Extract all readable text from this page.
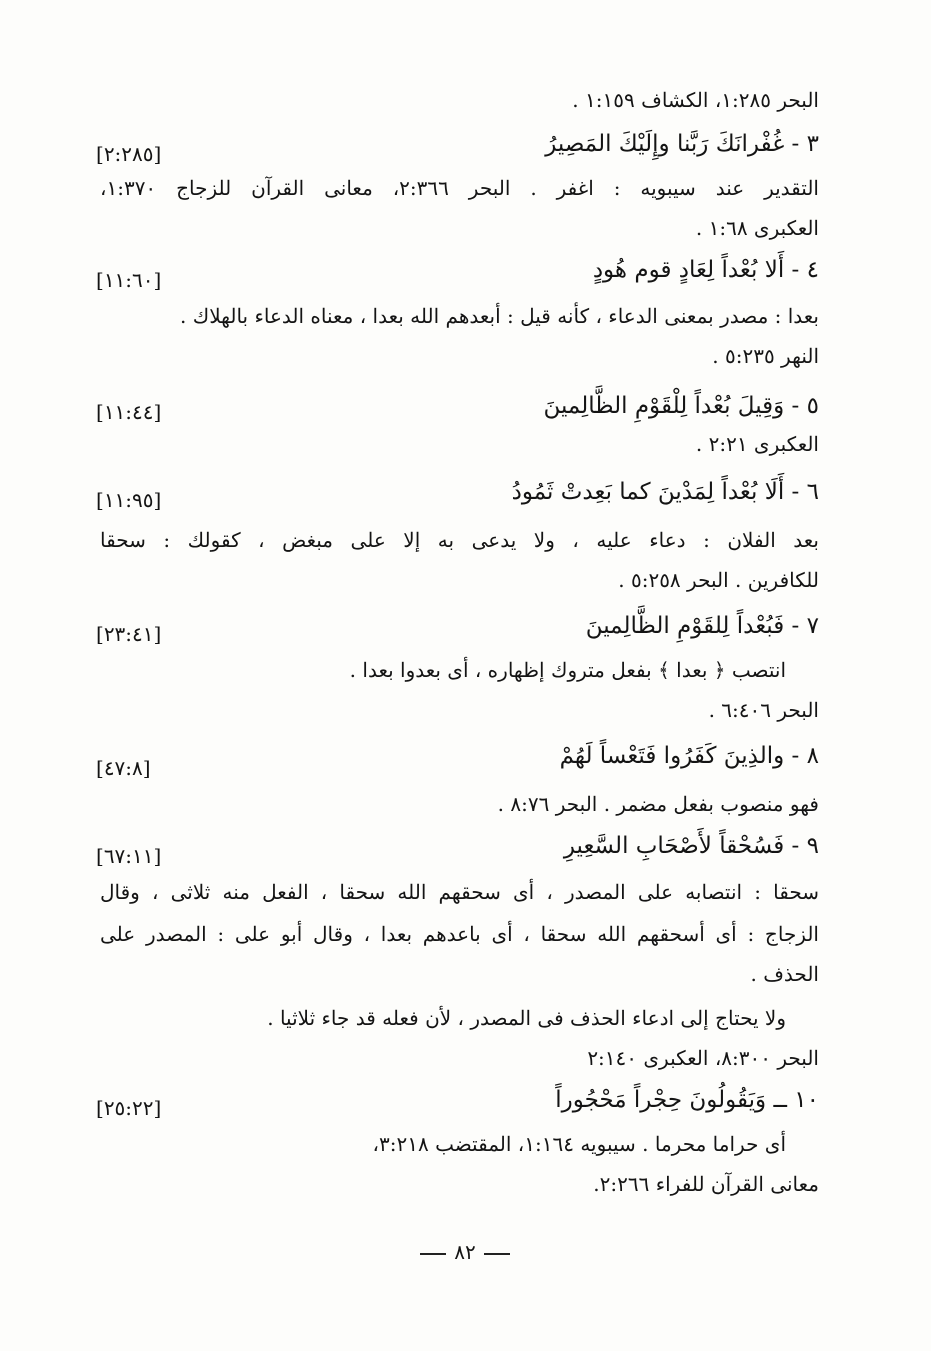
البحر ١:٢٨٥، الكشاف ١:١٥٩ .
٣ - غُفْرانَكَ رَبَّنا وإِلَيْكَ المَصِيرُ
[٢:٢٨٥]
التقدير عند سيبويه : اغفر . البحر ٢:٣٦٦، معانى القرآن للزجاج ١:٣٧٠،
العكبرى ١:٦٨ .
٤ - أَلا بُعْداً لِعَادٍ قوم هُودٍ
[١١:٦٠]
بعدا : مصدر بمعنى الدعاء ، كأنه قيل : أبعدهم الله بعدا ، معناه الدعاء بالهلاك .
النهر ٥:٢٣٥ .
٥ - وَقِيلَ بُعْداً لِلْقَوْمِ الظَّالِمينَ
[١١:٤٤]
العكبرى ٢:٢١ .
٦ - أَلَا بُعْداً لِمَدْينَ كما بَعِدتْ ثَمُودُ
[١١:٩٥]
بعد الفلان : دعاء عليه ، ولا يدعى به إلا على مبغض ، كقولك : سحقا
للكافرين . البحر ٥:٢٥٨ .
٧ - فَبُعْداً لِلقَوْمِ الظَّالِمينَ
[٢٣:٤١]
انتصب ﴿ بعدا ﴾ بفعل متروك إظهاره ، أى بعدوا بعدا .
البحر ٦:٤٠٦ .
٨ - والذِينَ كَفَرُوا فَتَعْساً لَهُمْ
[٤٧:٨]
فهو منصوب بفعل مضمر . البحر ٨:٧٦ .
٩ - فَسُحْقاً لأَصْحَابِ السَّعِيرِ
[٦٧:١١]
سحقا : انتصابه على المصدر ، أى سحقهم الله سحقا ، الفعل منه ثلاثى ، وقال
الزجاج : أى أسحقهم الله سحقا ، أى باعدهم بعدا ، وقال أبو على : المصدر على
الحذف .
ولا يحتاج إلى ادعاء الحذف فى المصدر ، لأن فعله قد جاء ثلاثيا .
البحر ٨:٣٠٠، العكبرى ٢:١٤٠
١٠ ــ وَيَقُولُونَ حِجْراً مَحْجُوراً
[٢٥:٢٢]
أى حراما محرما . سيبويه ١:١٦٤، المقتضب ٣:٢١٨،
معانى القرآن للفراء ٢:٢٦٦.
٨٢
